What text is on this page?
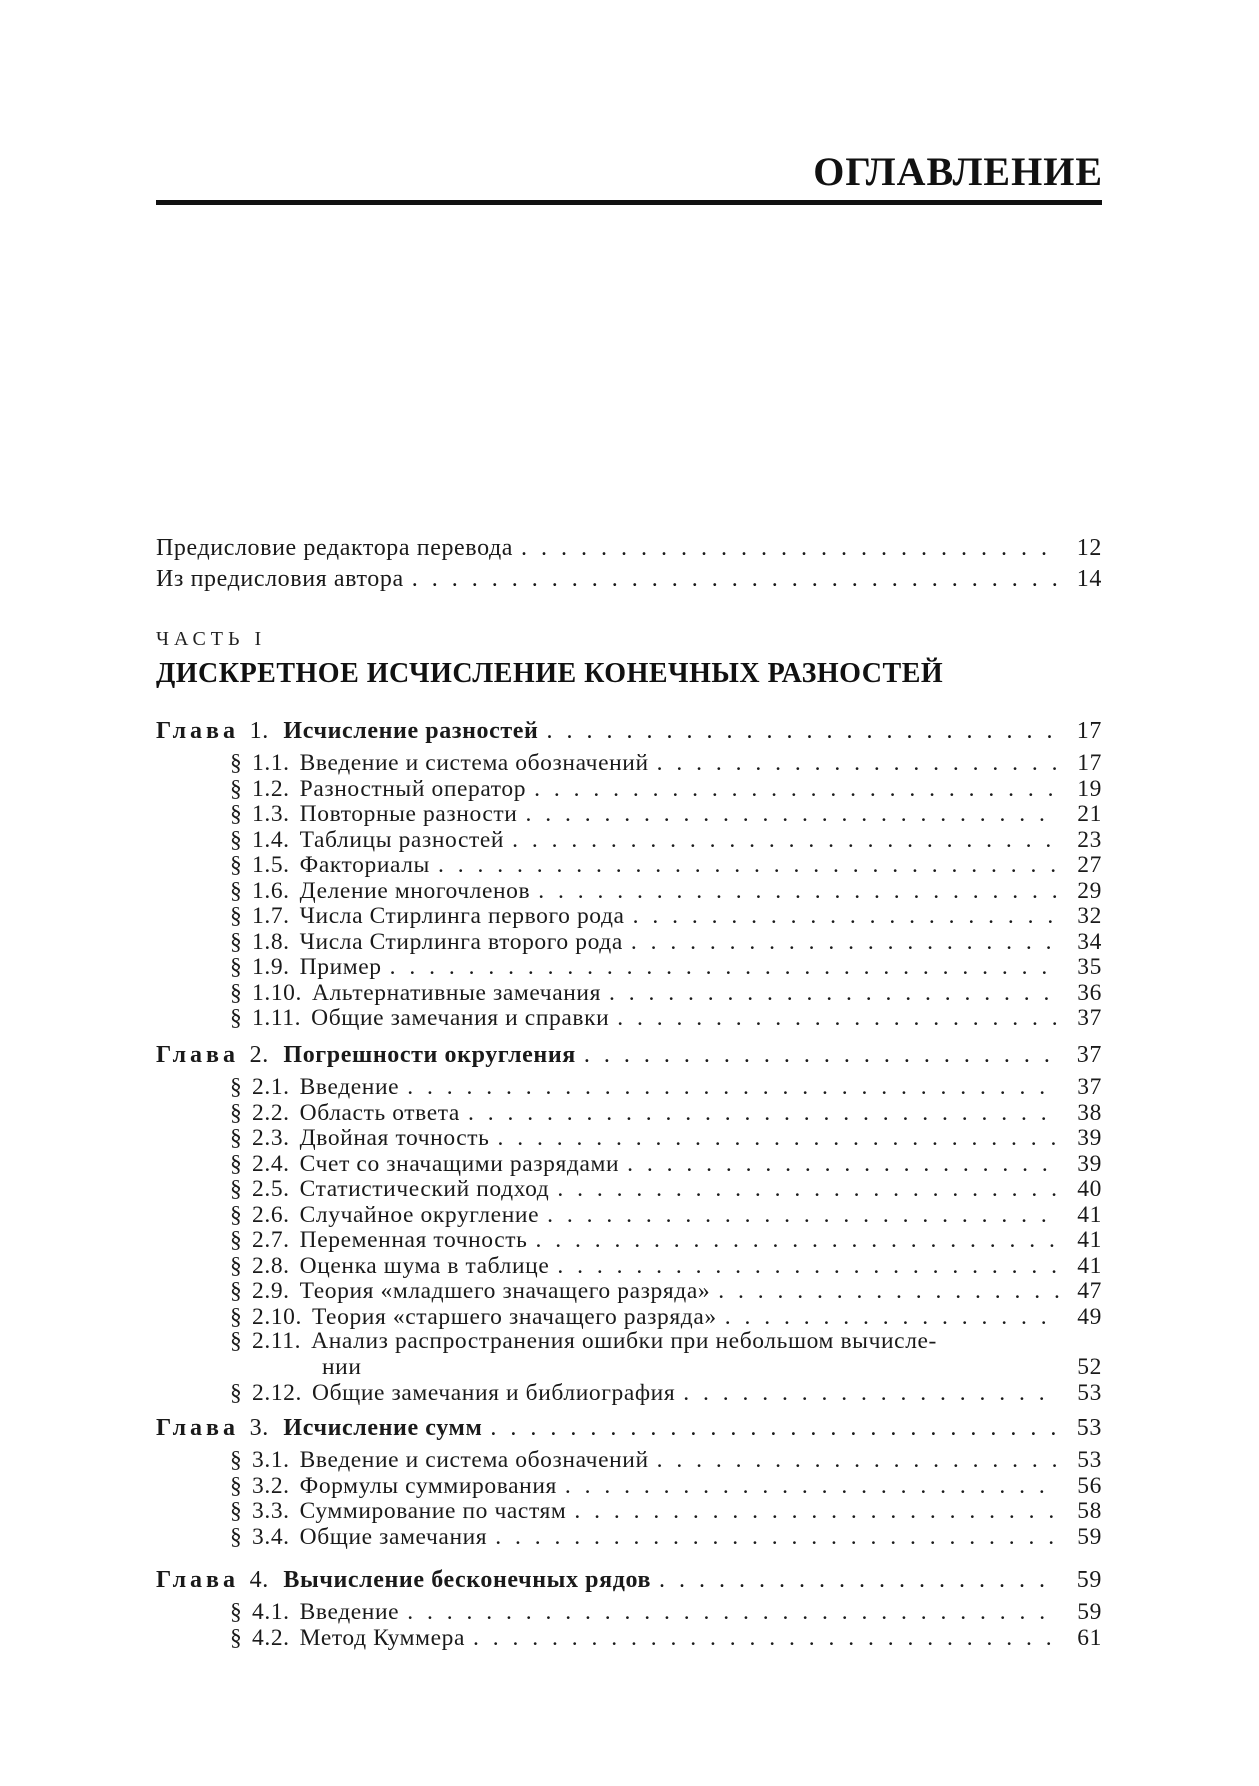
ОГЛАВЛЕНИЕ
Предисловие редактора перевода . . .	12
Из предисловия автора . . .	14
ЧАСТЬ I
ДИСКРЕТНОЕ ИСЧИСЛЕНИЕ КОНЕЧНЫХ РАЗНОСТЕЙ
Глава 1. Исчисление разностей . . .	17
§ 1.1. Введение и система обозначений . . .	17
§ 1.2. Разностный оператор . . .	19
§ 1.3. Повторные разности . . .	21
§ 1.4. Таблицы разностей . . .	23
§ 1.5. Факториалы . . .	27
§ 1.6. Деление многочленов . . .	29
§ 1.7. Числа Стирлинга первого рода . . .	32
§ 1.8. Числа Стирлинга второго рода . . .	34
§ 1.9. Пример . . .	35
§ 1.10. Альтернативные замечания . . .	36
§ 1.11. Общие замечания и справки . . .	37
Глава 2. Погрешности округления . . .	37
§ 2.1. Введение . . .	37
§ 2.2. Область ответа . . .	38
§ 2.3. Двойная точность . . .	39
§ 2.4. Счет со значащими разрядами . . .	39
§ 2.5. Статистический подход . . .	40
§ 2.6. Случайное округление . . .	41
§ 2.7. Переменная точность . . .	41
§ 2.8. Оценка шума в таблице . . .	41
§ 2.9. Теория «младшего значащего разряда» . . .	47
§ 2.10. Теория «старшего значащего разряда» . . .	49
§ 2.11. Анализ распространения ошибки при небольшом вычисле-
нии	52
§ 2.12. Общие замечания и библиография . . .	53
Глава 3. Исчисление сумм . . .	53
§ 3.1. Введение и система обозначений . . .	53
§ 3.2. Формулы суммирования . . .	56
§ 3.3. Суммирование по частям . . .	58
§ 3.4. Общие замечания . . .	59
Глава 4. Вычисление бесконечных рядов . . .	59
§ 4.1. Введение . . .	59
§ 4.2. Метод Куммера . . .	61
